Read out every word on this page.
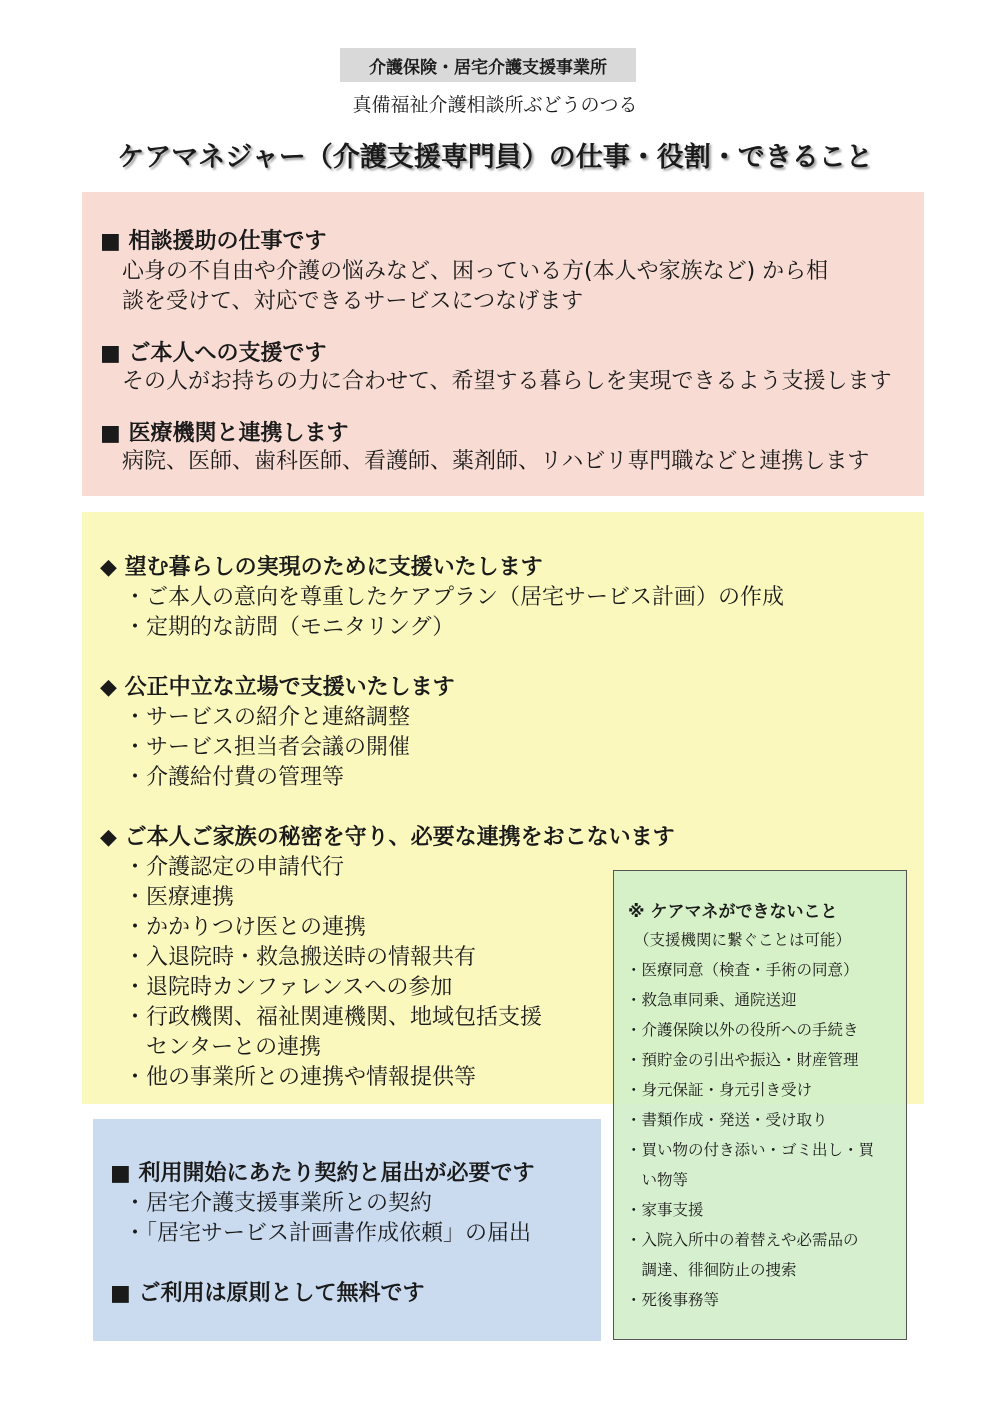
介護保険・居宅介護支援事業所
真備福祉介護相談所ぶどうのつる
ケアマネジャー（介護支援専門員）の仕事・役割・できること
■ 相談援助の仕事です
心身の不自由や介護の悩みなど、困っている方(本人や家族など) から相
談を受けて、対応できるサービスにつなげます
■ ご本人への支援です
その人がお持ちの力に合わせて、希望する暮らしを実現できるよう支援します
■ 医療機関と連携します
病院、医師、歯科医師、看護師、薬剤師、リハビリ専門職などと連携します
◆ 望む暮らしの実現のために支援いたします
・ご本人の意向を尊重したケアプラン（居宅サービス計画）の作成
・定期的な訪問（モニタリング）
◆ 公正中立な立場で支援いたします
・サービスの紹介と連絡調整
・サービス担当者会議の開催
・介護給付費の管理等
◆ ご本人ご家族の秘密を守り、必要な連携をおこないます
・介護認定の申請代行
・医療連携
・かかりつけ医との連携
・入退院時・救急搬送時の情報共有
・退院時カンファレンスへの参加
・行政機関、福祉関連機関、地域包括支援
　センターとの連携
・他の事業所との連携や情報提供等
■ 利用開始にあたり契約と届出が必要です
・居宅介護支援事業所との契約
・「居宅サービス計画書作成依頼」の届出
■ ご利用は原則として無料です
※ ケアマネができないこと
（支援機関に繋ぐことは可能）
・医療同意（検査・手術の同意）
・救急車同乗、通院送迎
・介護保険以外の役所への手続き
・預貯金の引出や振込・財産管理
・身元保証・身元引き受け
・書類作成・発送・受け取り
・買い物の付き添い・ゴミ出し・買
　い物等
・家事支援
・入院入所中の着替えや必需品の
　調達、徘徊防止の捜索
・死後事務等
